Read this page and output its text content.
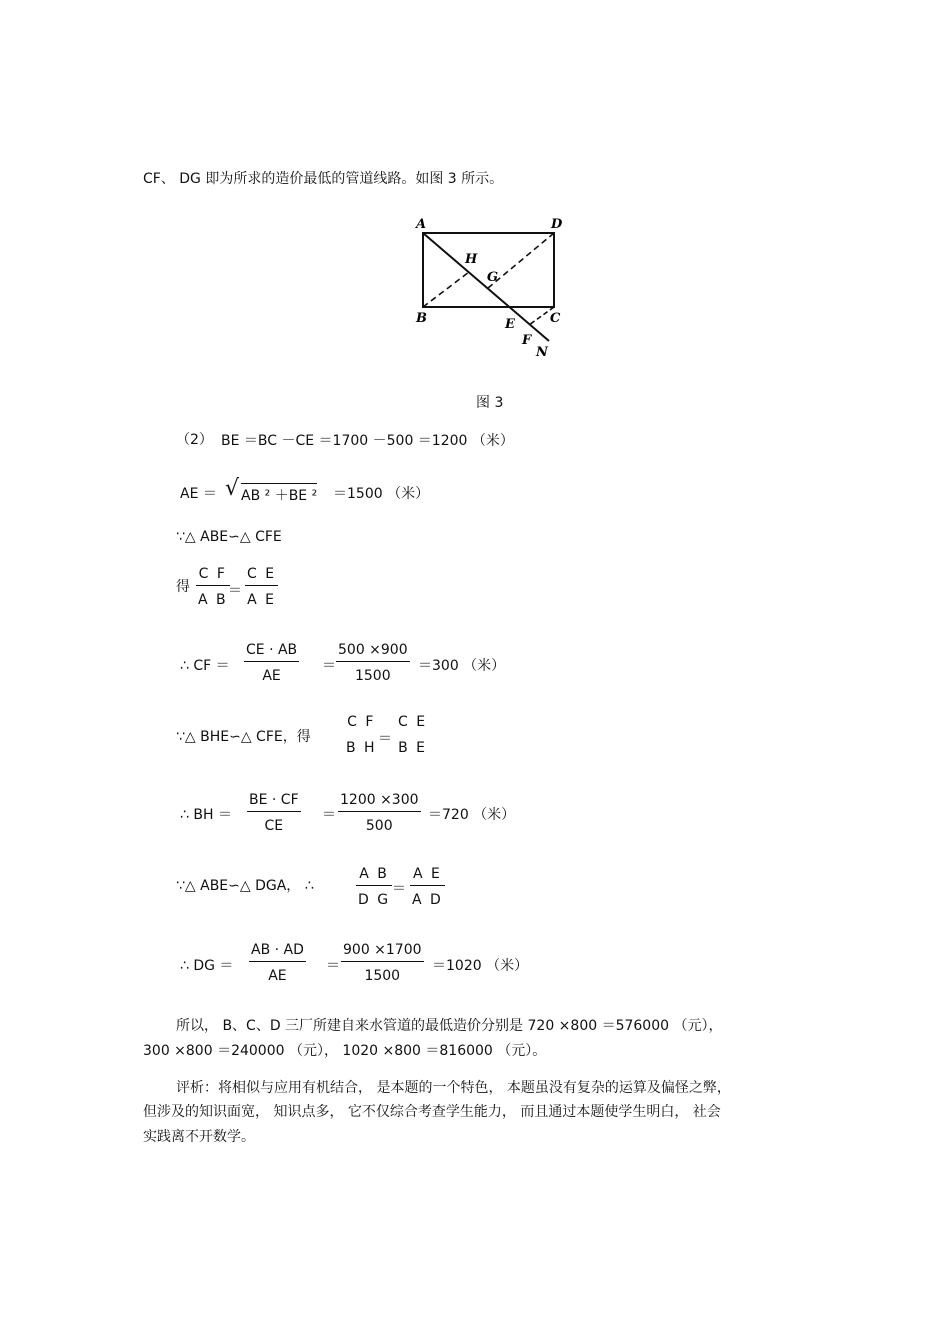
CF、 DG 即为所求的造价最低的管道线路。如图 3 所示。
A	D
H
G
B	E	C
F
N
图 3
（2） BE ＝BC －CE ＝1700 －500 ＝1200 （米）
AE ＝ √ AB ² ＋BE ² ＝1500 （米）
∵△ ABE∽△ CFE
得
C F
A B
＝
C E
A E
∴ CF ＝
CE · AB
AE
＝
500 ×900
1500
＝300 （米）
∵△ BHE∽△ CFE，得
C F
B H
＝
C E
B E
∴ BH ＝
BE · CF
CE
＝
1200 ×300
500
＝720 （米）
∵△ ABE∽△ DGA， ∴
A B
D G
＝
A E
A D
∴ DG ＝
AB · AD
AE
＝
900 ×1700
1500
＝1020 （米）
所以， B、C、D 三厂所建自来水管道的最低造价分别是 720 ×800 ＝576000 （元），
300 ×800 ＝240000 （元）， 1020 ×800 ＝816000 （元）。
评析：将相似与应用有机结合， 是本题的一个特色， 本题虽没有复杂的运算及偏怪之弊，
但涉及的知识面宽， 知识点多， 它不仅综合考查学生能力， 而且通过本题使学生明白， 社会
实践离不开数学。
